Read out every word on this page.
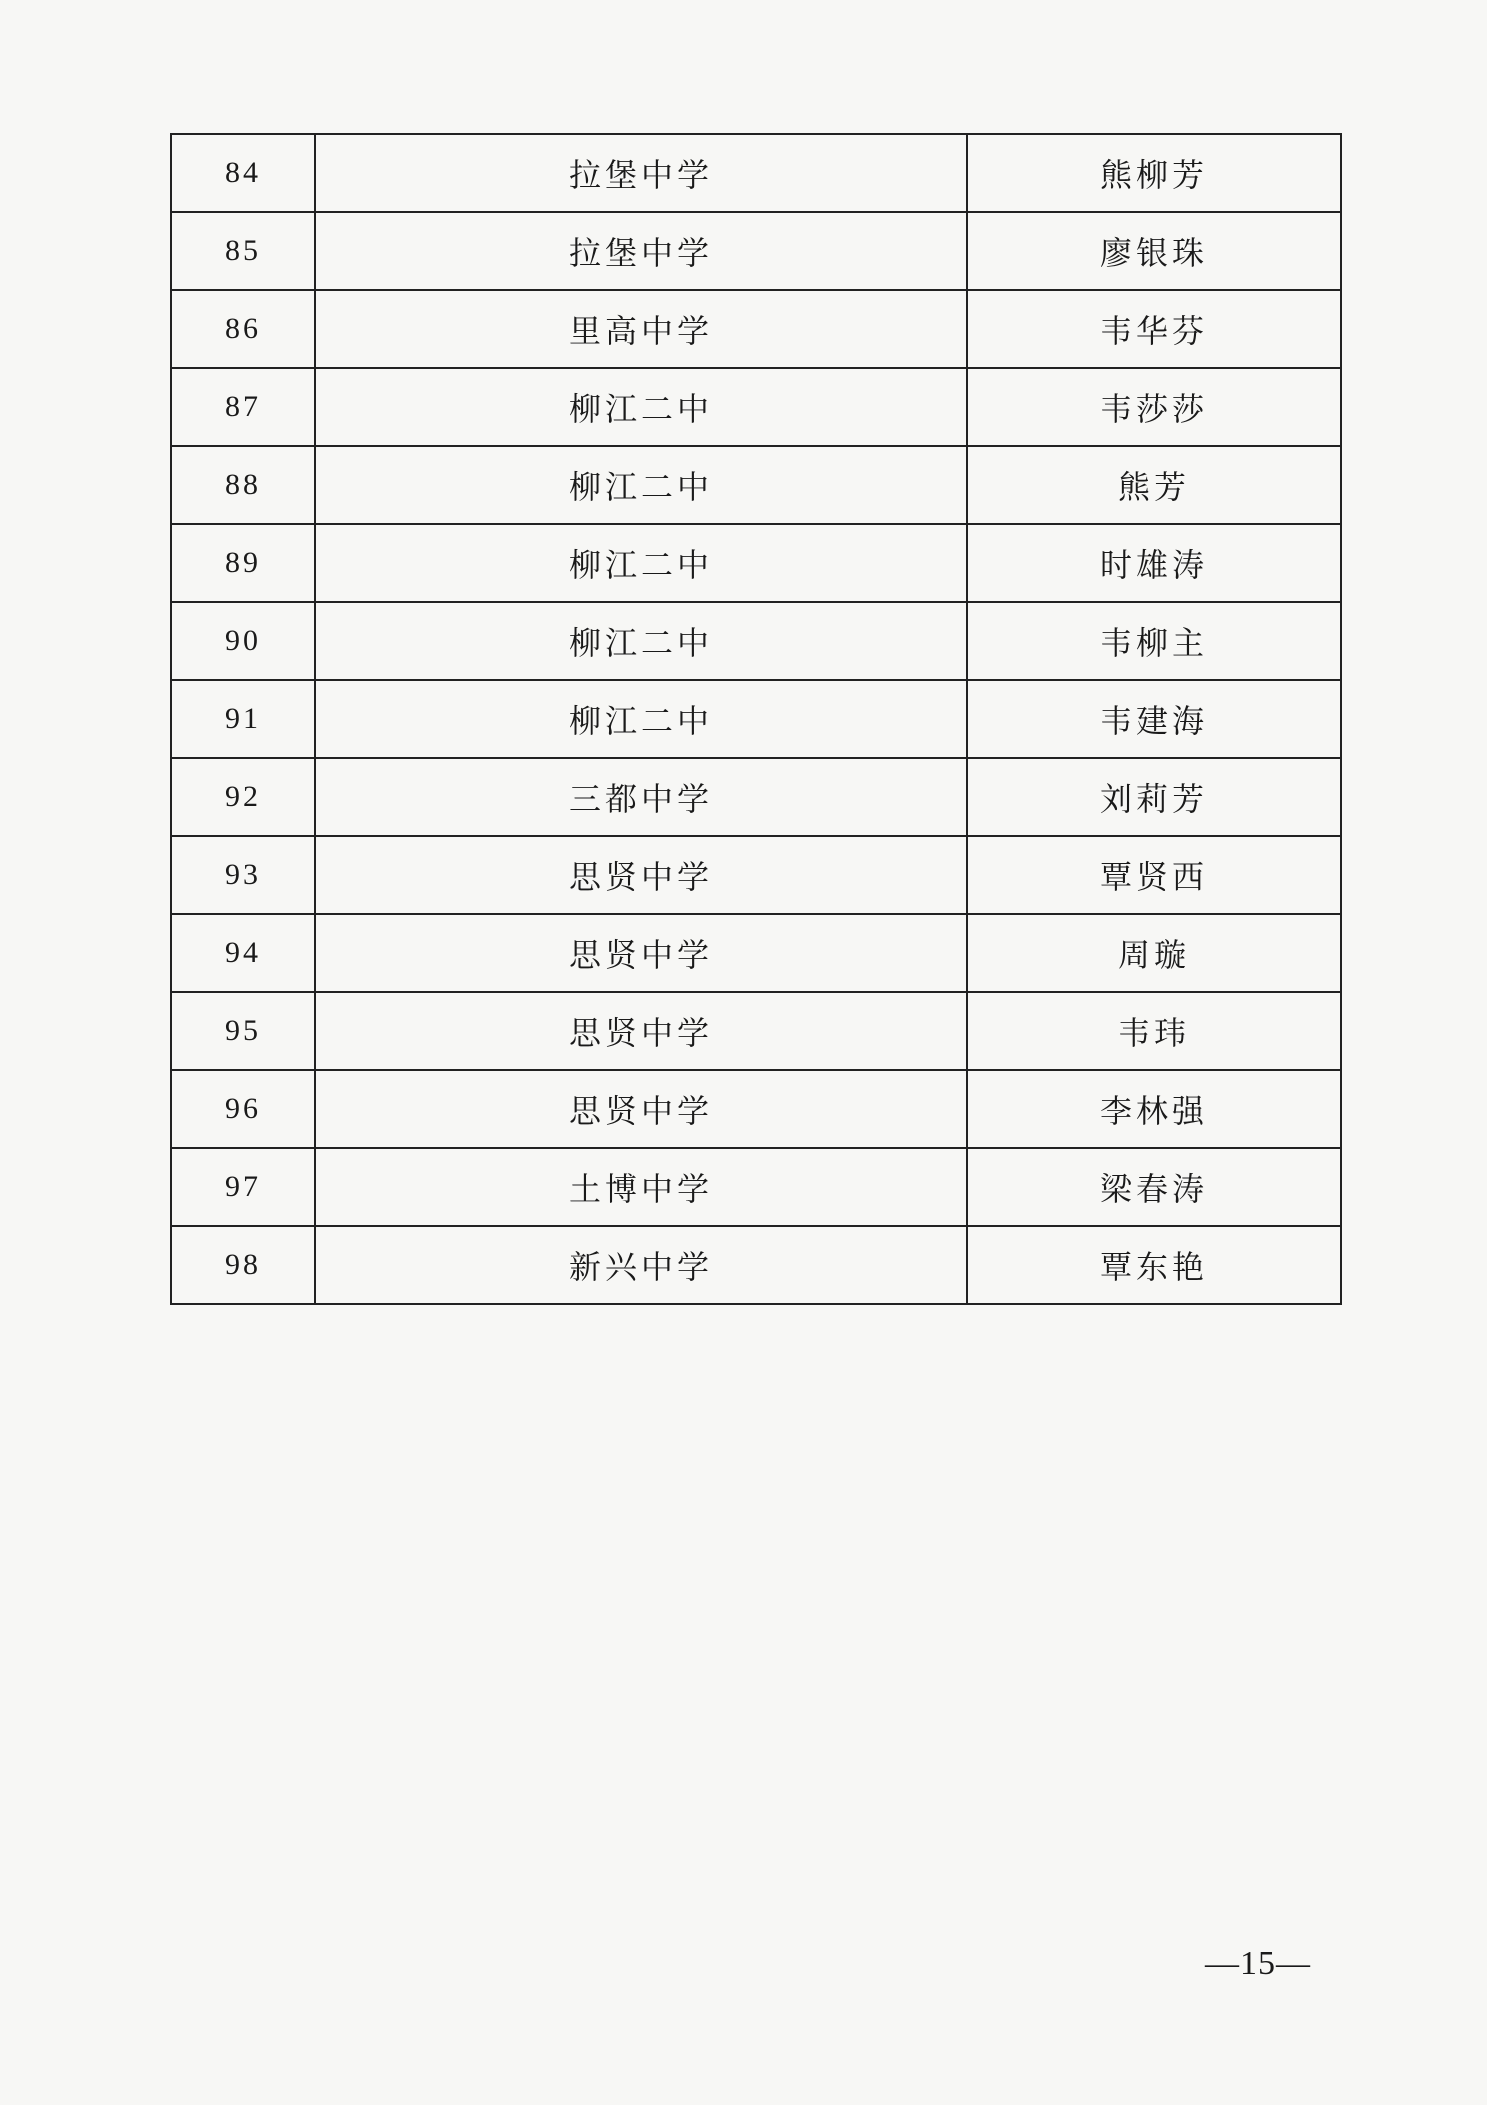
84	拉堡中学	熊柳芳
85	拉堡中学	廖银珠
86	里高中学	韦华芬
87	柳江二中	韦莎莎
88	柳江二中	熊芳
89	柳江二中	时雄涛
90	柳江二中	韦柳主
91	柳江二中	韦建海
92	三都中学	刘莉芳
93	思贤中学	覃贤西
94	思贤中学	周璇
95	思贤中学	韦玮
96	思贤中学	李林强
97	土博中学	梁春涛
98	新兴中学	覃东艳
—15—
